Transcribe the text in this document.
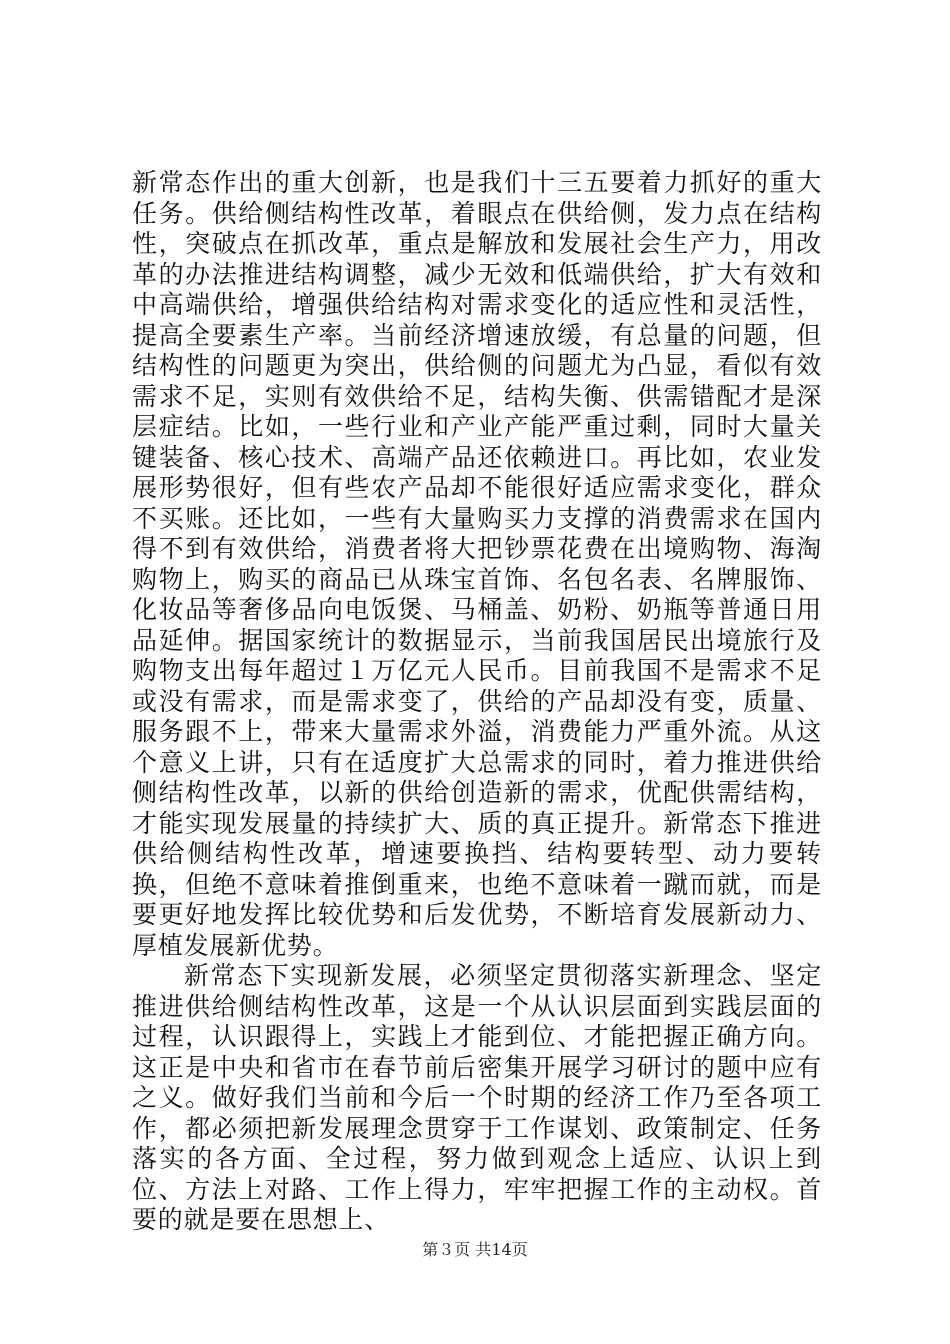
新常态作出的重大创新，也是我们十三五要着力抓好的重大任务。供给侧结构性改革，着眼点在供给侧，发力点在结构性，突破点在抓改革，重点是解放和发展社会生产力，用改革的办法推进结构调整，减少无效和低端供给，扩大有效和中高端供给，增强供给结构对需求变化的适应性和灵活性，提高全要素生产率。当前经济增速放缓，有总量的问题，但结构性的问题更为突出，供给侧的问题尤为凸显，看似有效需求不足，实则有效供给不足，结构失衡、供需错配才是深层症结。比如，一些行业和产业产能严重过剩，同时大量关键装备、核心技术、高端产品还依赖进口。再比如，农业发展形势很好，但有些农产品却不能很好适应需求变化，群众不买账。还比如，一些有大量购买力支撑的消费需求在国内得不到有效供给，消费者将大把钞票花费在出境购物、海淘购物上，购买的商品已从珠宝首饰、名包名表、名牌服饰、化妆品等奢侈品向电饭煲、马桶盖、奶粉、奶瓶等普通日用品延伸。据国家统计的数据显示，当前我国居民出境旅行及购物支出每年超过１万亿元人民币。目前我国不是需求不足或没有需求，而是需求变了，供给的产品却没有变，质量、服务跟不上，带来大量需求外溢，消费能力严重外流。从这个意义上讲，只有在适度扩大总需求的同时，着力推进供给侧结构性改革，以新的供给创造新的需求，优配供需结构，才能实现发展量的持续扩大、质的真正提升。新常态下推进供给侧结构性改革，增速要换挡、结构要转型、动力要转换，但绝不意味着推倒重来，也绝不意味着一蹴而就，而是要更好地发挥比较优势和后发优势，不断培育发展新动力、厚植发展新优势。

新常态下实现新发展，必须坚定贯彻落实新理念、坚定推进供给侧结构性改革，这是一个从认识层面到实践层面的过程，认识跟得上，实践上才能到位、才能把握正确方向。这正是中央和省市在春节前后密集开展学习研讨的题中应有之义。做好我们当前和今后一个时期的经济工作乃至各项工作，都必须把新发展理念贯穿于工作谋划、政策制定、任务落实的各方面、全过程，努力做到观念上适应、认识上到位、方法上对路、工作上得力，牢牢把握工作的主动权。首要的就是要在思想上、

第３页 共14页
